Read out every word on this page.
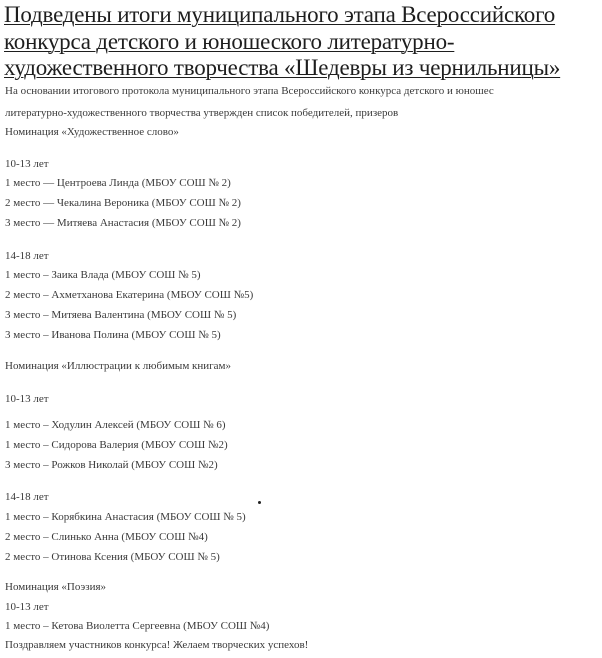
Подведены итоги муниципального этапа Всероссийского
конкурса детского и юношеского литературно-
художественного творчества «Шедевры из чернильницы»
На основании итогового протокола муниципального этапа Всероссийского конкурса детского и юношес
литературно-художественного творчества утвержден список победителей, призеров
Номинация «Художественное слово»
10-13 лет
1 место — Центроева Линда (МБОУ СОШ № 2)
2 место — Чекалина Вероника (МБОУ СОШ № 2)
3 место — Митяева Анастасия (МБОУ СОШ № 2)
14-18 лет
1 место – Заика Влада (МБОУ СОШ № 5)
2 место – Ахметханова Екатерина (МБОУ СОШ №5)
3 место – Митяева Валентина (МБОУ СОШ № 5)
3 место – Иванова Полина (МБОУ СОШ № 5)
Номинация «Иллюстрации к любимым книгам»
10-13 лет
1 место – Ходулин Алексей (МБОУ СОШ № 6)
1 место – Сидорова Валерия (МБОУ СОШ №2)
3 место – Рожков Николай (МБОУ СОШ №2)
14-18 лет
1 место – Корябкина Анастасия (МБОУ СОШ № 5)
2 место – Слинько Анна (МБОУ СОШ №4)
2 место – Отинова Ксения (МБОУ СОШ № 5)
Номинация «Поэзия»
10-13 лет
1 место – Кетова Виолетта Сергеевна (МБОУ СОШ №4)
Поздравляем участников конкурса! Желаем творческих успехов!
